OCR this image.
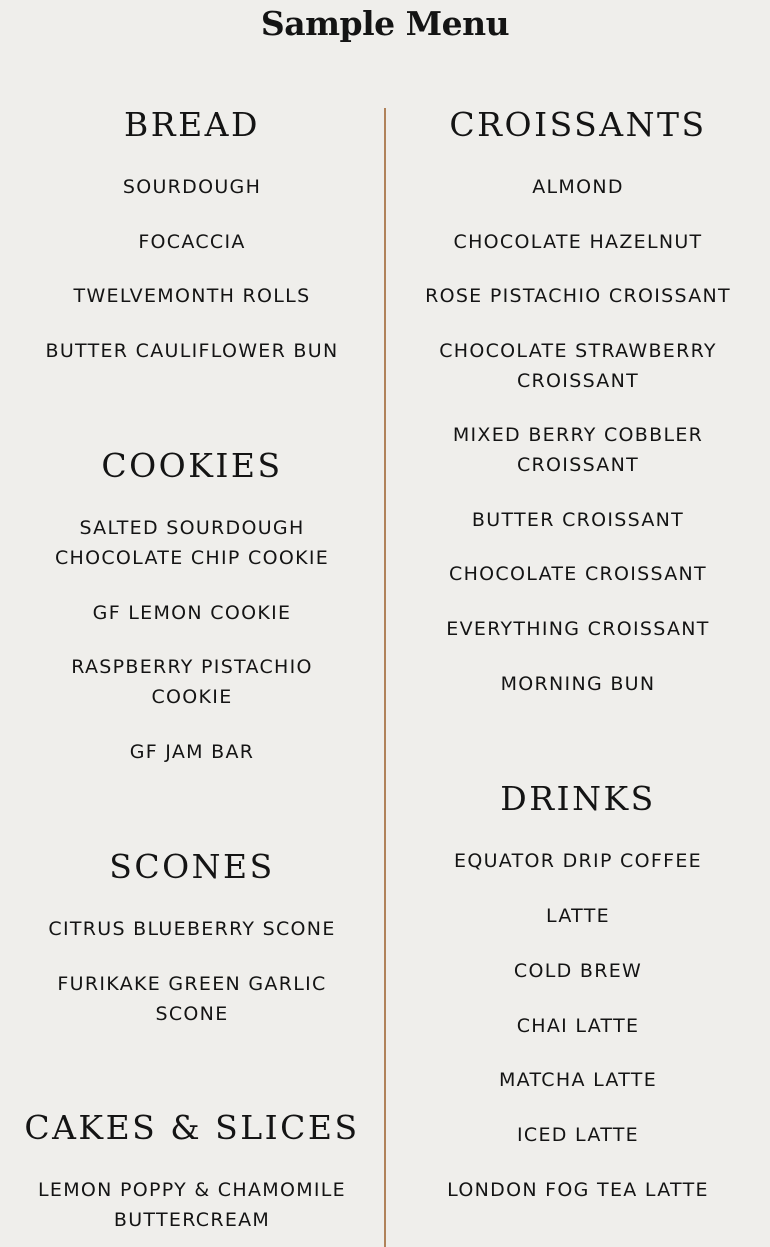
Sample Menu
BREAD
SOURDOUGH
FOCACCIA
TWELVEMONTH ROLLS
BUTTER CAULIFLOWER BUN
COOKIES
SALTED SOURDOUGH CHOCOLATE CHIP COOKIE
GF LEMON COOKIE
RASPBERRY PISTACHIO COOKIE
GF JAM BAR
SCONES
CITRUS BLUEBERRY SCONE
FURIKAKE GREEN GARLIC SCONE
CAKES & SLICES
LEMON POPPY & CHAMOMILE BUTTERCREAM
CROISSANTS
ALMOND
CHOCOLATE HAZELNUT
ROSE PISTACHIO CROISSANT
CHOCOLATE STRAWBERRY CROISSANT
MIXED BERRY COBBLER CROISSANT
BUTTER CROISSANT
CHOCOLATE CROISSANT
EVERYTHING CROISSANT
MORNING BUN
DRINKS
EQUATOR DRIP COFFEE
LATTE
COLD BREW
CHAI LATTE
MATCHA LATTE
ICED LATTE
LONDON FOG TEA LATTE
